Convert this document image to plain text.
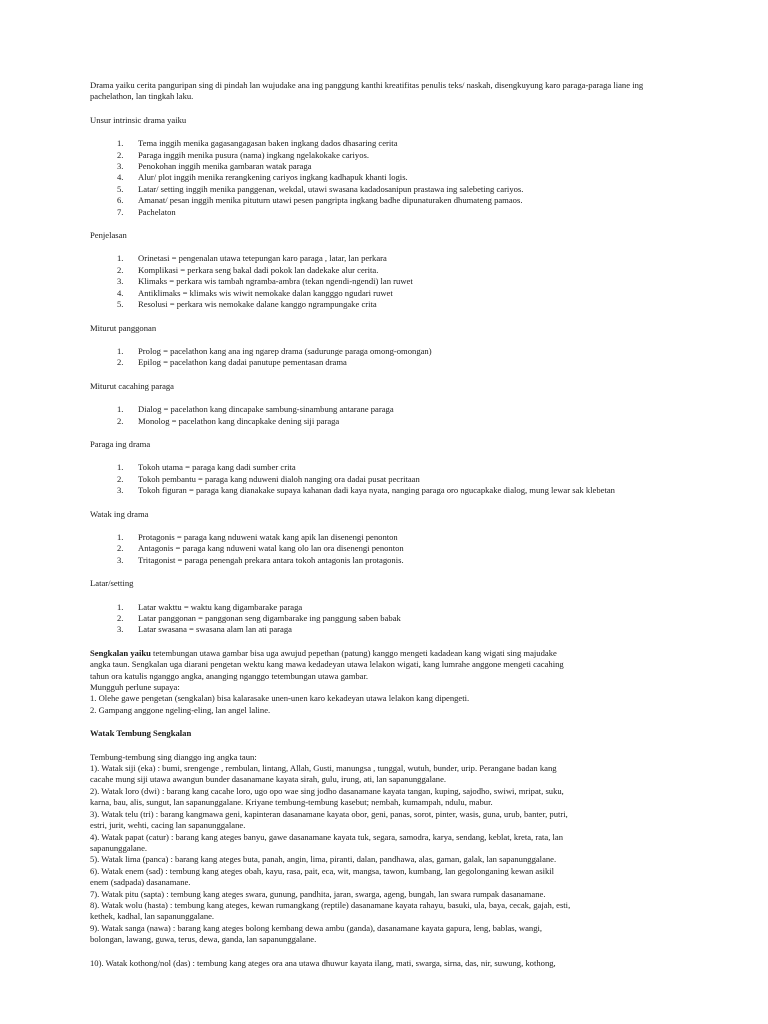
Drama yaiku cerita panguripan sing di pindah lan wujudake ana ing panggung kanthi kreatifitas penulis teks/ naskah, disengkuyung karo paraga-paraga liane ing pachelathon, lan tingkah laku.

Unsur intrinsic drama yaiku

1. Tema inggih menika gagasangagasan baken ingkang dados dhasaring cerita
2. Paraga inggih menika pusura (nama) ingkang ngelakokake cariyos.
3. Penokohan inggih menika gambaran watak paraga
4. Alur/ plot inggih menika rerangkening cariyos ingkang kadhapuk khanti logis.
5. Latar/ setting inggih menika panggenan, wekdal, utawi swasana kadadosanipun prastawa ing salebeting cariyos.
6. Amanat/ pesan inggih menika pituturn utawi pesen pangripta ingkang badhe dipunaturaken dhumateng pamaos.
7. Pachelaton

Penjelasan

1. Orinetasi = pengenalan utawa tetepungan karo paraga , latar, lan perkara
2. Komplikasi = perkara seng bakal dadi pokok lan dadekake alur cerita.
3. Klimaks = perkara wis tambah ngramba-ambra (tekan ngendi-ngendi) lan ruwet
4. Antiklimaks = klimaks wis wiwit nemokake dalan kangggo ngudari ruwet
5. Resolusi = perkara wis nemokake dalane kanggo ngrampungake crita

Miturut panggonan

1. Prolog = pacelathon kang ana ing ngarep drama (sadurunge paraga omong-omongan)
2. Epilog = pacelathon kang dadai panutupe pementasan drama

Miturut cacahing paraga

1. Dialog = pacelathon kang dincapake sambung-sinambung antarane paraga
2. Monolog = pacelathon kang dincapkake dening siji paraga

Paraga ing drama

1. Tokoh utama = paraga kang dadi sumber crita
2. Tokoh pembantu = paraga kang nduweni dialoh nanging ora dadai pusat pecritaan
3. Tokoh figuran = paraga kang dianakake supaya kahanan dadi kaya nyata, nanging paraga oro ngucapkake dialog, mung lewar sak klebetan

Watak ing drama

1. Protagonis = paraga kang nduweni watak kang apik lan disenengi penonton
2. Antagonis = paraga kang nduweni watal kang olo lan ora disenengi penonton
3. Tritagonist = paraga penengah prekara antara tokoh antagonis lan protagonis.

Latar/setting

1. Latar wakttu = waktu kang digambarake paraga
2. Latar panggonan = panggonan seng digambarake ing panggung saben babak
3. Latar swasana = swasana alam lan ati paraga
Sengkalan yaiku tetembungan utawa gambar bisa uga awujud pepethan (patung) kanggo mengeti kadadean kang wigati sing majudake

angka taun. Sengkalan uga diarani pengetan wektu kang mawa kedadeyan utawa lelakon wigati, kang lumrahe anggone mengeti cacahing
tahun ora katulis nganggo angka, ananging nganggo tetembungan utawa gambar.
Mungguh perlune supaya:
1. Olehe gawe pengetan (sengkalan) bisa kalarasake unen-unen karo kekadeyan utawa lelakon kang dipengeti.
2. Gampang anggone ngeling-eling, lan angel laline.

Watak Tembung Sengkalan

Tembung-tembung sing dianggo ing angka taun:
1). Watak siji (eka) : bumi, srengenge , rembulan, lintang, Allah, Gusti, manungsa , tunggal, wutuh, bunder, urip. Perangane badan kang
cacahe mung siji utawa awangun bunder dasanamane kayata sirah, gulu, irung, ati, lan sapanunggalane.
2). Watak loro (dwi) : barang kang cacahe loro, ugo opo wae sing jodho dasanamane kayata tangan, kuping, sajodho, swiwi, mripat, suku,
karna, bau, alis, sungut, lan sapanunggalane. Kriyane tembung-tembung kasebut; nembah, kumampah, ndulu, mabur.
3). Watak telu (tri) : barang kangmawa geni, kapinteran dasanamane kayata obor, geni, panas, sorot, pinter, wasis, guna, urub, banter, putri,
estri, jurit, wehti, cacing lan sapanunggalane.
4). Watak papat (catur) : barang kang ateges banyu, gawe dasanamane kayata tuk, segara, samodra, karya, sendang, keblat, kreta, rata, lan
sapanunggalane.
5). Watak lima (panca) : barang kang ateges buta, panah, angin, lima, piranti, dalan, pandhawa, alas, gaman, galak, lan sapanunggalane.
6). Watak enem (sad) : tembung kang ateges obah, kayu, rasa, pait, eca, wit, mangsa, tawon, kumbang, lan gegolonganing kewan asikil
enem (sadpada) dasanamane.
7). Watak pitu (sapta) : tembung kang ateges swara, gunung, pandhita, jaran, swarga, ageng, bungah, lan swara rumpak dasanamane.
8). Watak wolu (hasta) : tembung kang ateges, kewan rumangkang (reptile) dasanamane kayata rahayu, basuki, ula, baya, cecak, gajah, esti,
kethek, kadhal, lan sapanunggalane.
9). Watak sanga (nawa) : barang kang ateges bolong kembang dewa ambu (ganda), dasanamane kayata gapura, leng, bablas, wangi,
bolongan, lawang, guwa, terus, dewa, ganda, lan sapanunggalane.

10). Watak kothong/nol (das) : tembung kang ateges ora ana utawa dhuwur kayata ilang, mati, swarga, sirna, das, nir, suwung, kothong,
